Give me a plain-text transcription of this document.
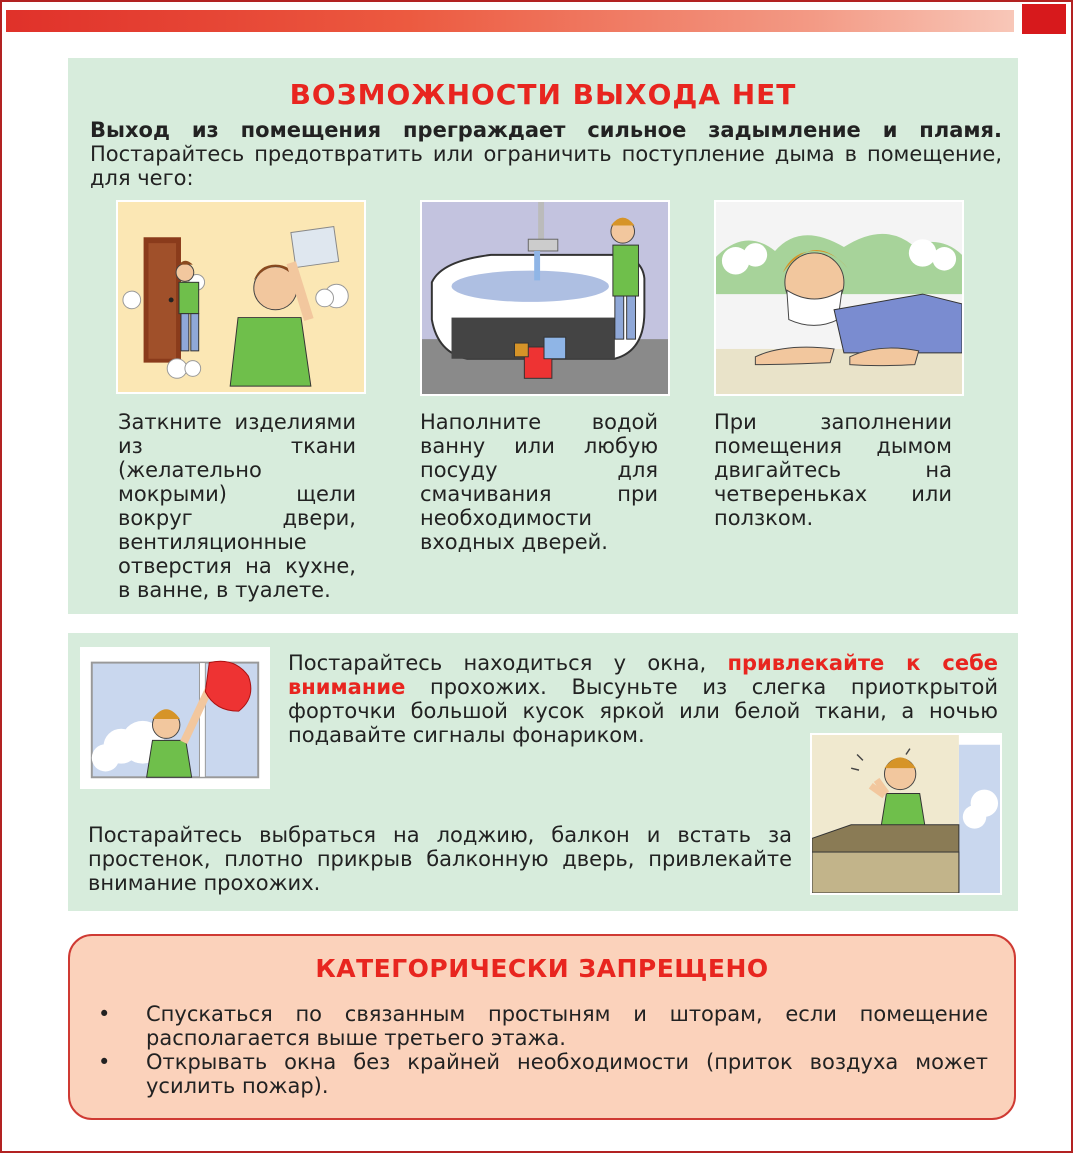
ВОЗМОЖНОСТИ ВЫХОДА НЕТ
Выход из помещения преграждает сильное задымление и пламя.
Постарайтесь предотвратить или ограничить поступление дыма в помещение, для чего:
Заткните изделиями из ткани (желательно мокрыми) щели вокруг двери, вентиляционные отверстия на кухне, в ванне, в туалете.
Наполните водой ванну или любую посуду для смачивания при необходимости входных дверей.
При заполнении помещения дымом двигайтесь на четвереньках или ползком.
Постарайтесь находиться у окна, привлекайте к себе внимание прохожих. Высуньте из слегка приоткрытой форточки большой кусок яркой или белой ткани, а ночью подавайте сигналы фонариком.
Постарайтесь выбраться на лоджию, балкон и встать за простенок, плотно прикрыв балконную дверь, привлекайте внимание прохожих.
КАТЕГОРИЧЕСКИ ЗАПРЕЩЕНО
•	Спускаться по связанным простыням и шторам, если помещение располагается выше третьего этажа.
•	Открывать окна без крайней необходимости (приток воздуха может усилить пожар).
